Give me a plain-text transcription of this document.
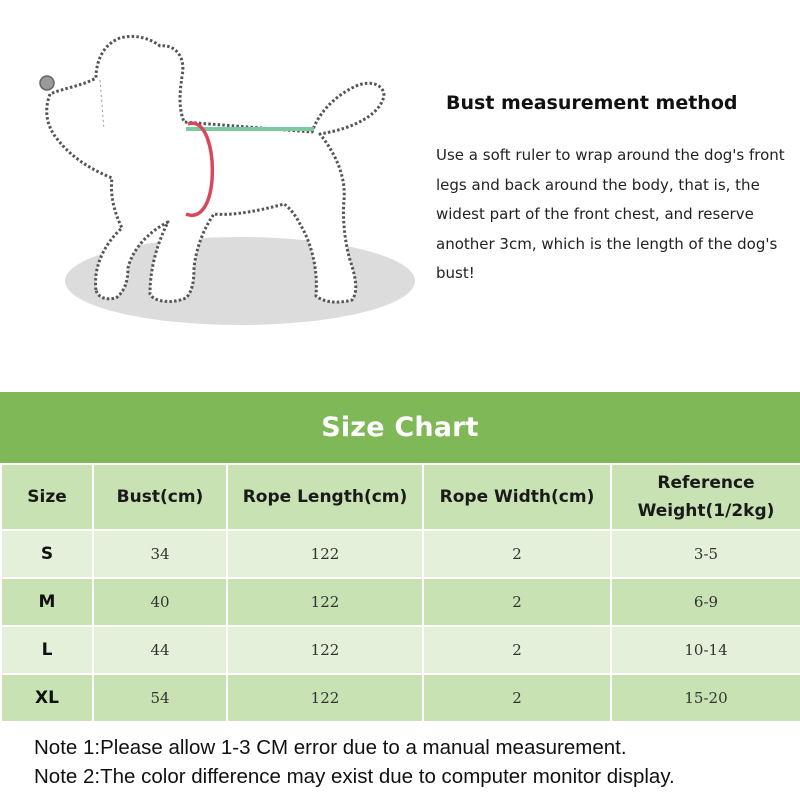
Bust measurement method
Use a soft ruler to wrap around the dog's front legs and back around the body, that is, the widest part of the front chest, and reserve another 3cm, which is the length of the dog's bust!
Size Chart
Size	Bust(cm)	Rope Length(cm)	Rope Width(cm)	Reference
Weight(1/2kg)
S	34	122	2	3-5
M	40	122	2	6-9
L	44	122	2	10-14
XL	54	122	2	15-20
Note 1:Please allow 1-3 CM error due to a manual measurement.
Note 2:The color difference may exist due to computer monitor display.
